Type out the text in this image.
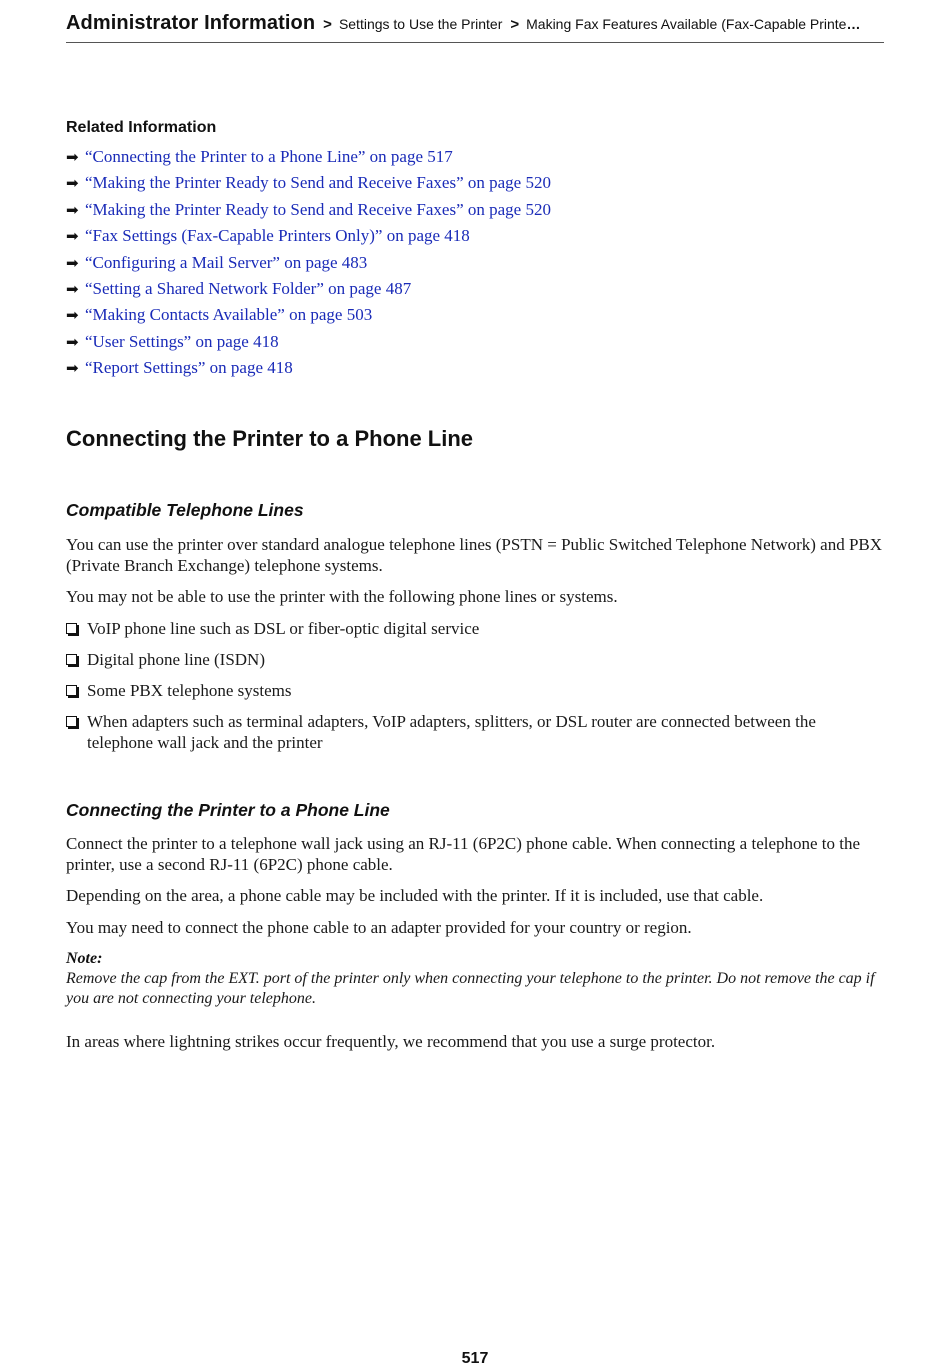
Administrator Information > Settings to Use the Printer > Making Fax Features Available (Fax-Capable Printe…
Related Information
➡ “Connecting the Printer to a Phone Line” on page 517
➡ “Making the Printer Ready to Send and Receive Faxes” on page 520
➡ “Making the Printer Ready to Send and Receive Faxes” on page 520
➡ “Fax Settings (Fax-Capable Printers Only)” on page 418
➡ “Configuring a Mail Server” on page 483
➡ “Setting a Shared Network Folder” on page 487
➡ “Making Contacts Available” on page 503
➡ “User Settings” on page 418
➡ “Report Settings” on page 418
Connecting the Printer to a Phone Line
Compatible Telephone Lines

You can use the printer over standard analogue telephone lines (PSTN = Public Switched Telephone Network) and PBX (Private Branch Exchange) telephone systems.

You may not be able to use the printer with the following phone lines or systems.

VoIP phone line such as DSL or fiber-optic digital service
Digital phone line (ISDN)
Some PBX telephone systems
When adapters such as terminal adapters, VoIP adapters, splitters, or DSL router are connected between the telephone wall jack and the printer
Connecting the Printer to a Phone Line

Connect the printer to a telephone wall jack using an RJ-11 (6P2C) phone cable. When connecting a telephone to the printer, use a second RJ-11 (6P2C) phone cable.

Depending on the area, a phone cable may be included with the printer. If it is included, use that cable.

You may need to connect the phone cable to an adapter provided for your country or region.

Note:

Remove the cap from the EXT. port of the printer only when connecting your telephone to the printer. Do not remove the cap if you are not connecting your telephone.

In areas where lightning strikes occur frequently, we recommend that you use a surge protector.

517
